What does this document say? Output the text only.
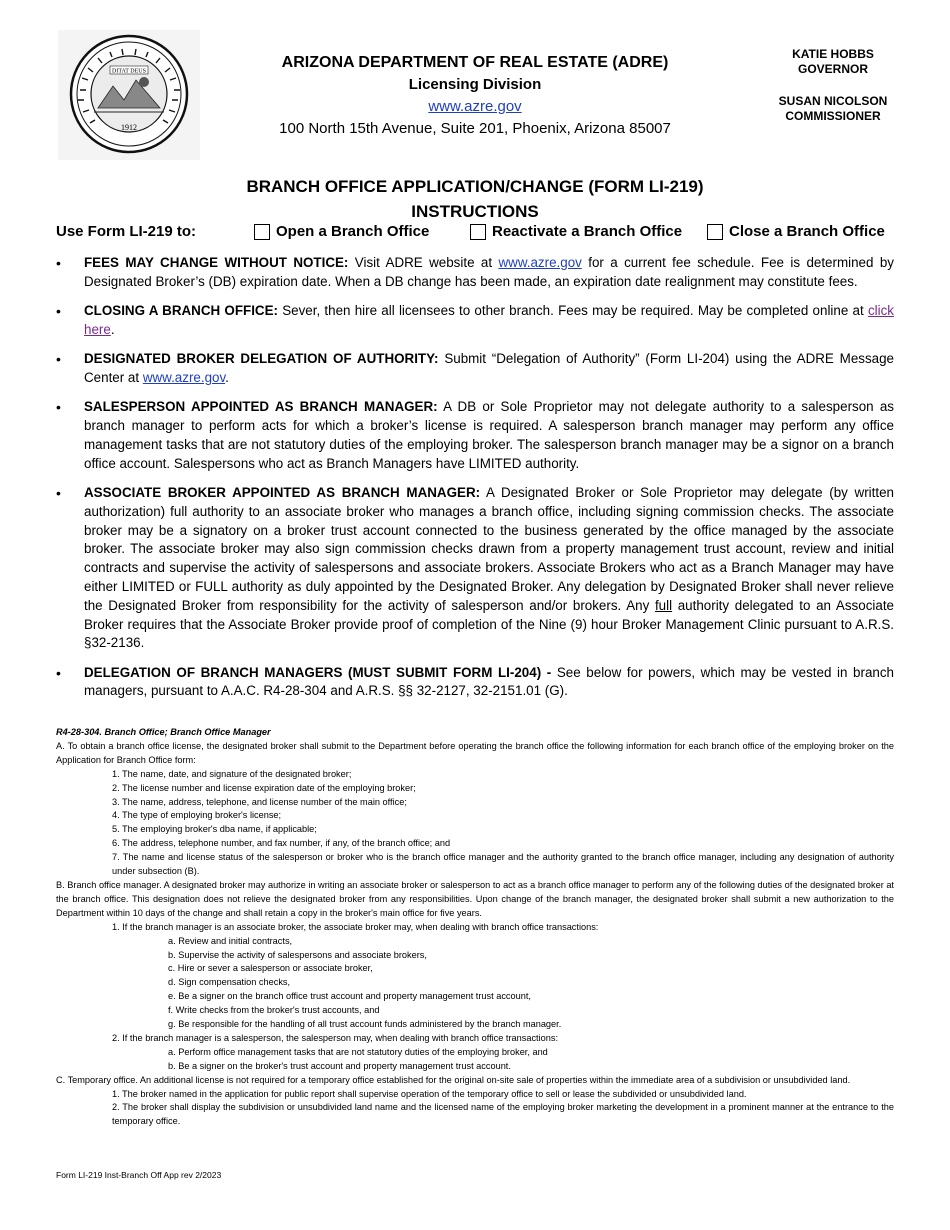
DITAT DEUS
1912
ARIZONA DEPARTMENT OF REAL ESTATE (ADRE)
Licensing Division
www.azre.gov
100 North 15th Avenue, Suite 201, Phoenix, Arizona 85007
KATIE HOBBS
GOVERNOR
SUSAN NICOLSON
COMMISSIONER
BRANCH OFFICE APPLICATION/CHANGE (FORM LI-219)
INSTRUCTIONS
Use Form LI-219 to:	Open a Branch Office	Reactivate a Branch Office	Close a Branch Office
• FEES MAY CHANGE WITHOUT NOTICE: Visit ADRE website at www.azre.gov for a current fee schedule. Fee is determined by Designated Broker’s (DB) expiration date. When a DB change has been made, an expiration date realignment may constitute fees.
• CLOSING A BRANCH OFFICE: Sever, then hire all licensees to other branch. Fees may be required. May be completed online at click here.
• DESIGNATED BROKER DELEGATION OF AUTHORITY: Submit “Delegation of Authority” (Form LI-204) using the ADRE Message Center at www.azre.gov.
• SALESPERSON APPOINTED AS BRANCH MANAGER: A DB or Sole Proprietor may not delegate authority to a salesperson as branch manager to perform acts for which a broker’s license is required. A salesperson branch manager may perform any office management tasks that are not statutory duties of the employing broker. The salesperson branch manager may be a signor on a branch office account. Salespersons who act as Branch Managers have LIMITED authority.
• ASSOCIATE BROKER APPOINTED AS BRANCH MANAGER: A Designated Broker or Sole Proprietor may delegate (by written authorization) full authority to an associate broker who manages a branch office, including signing commission checks. The associate broker may be a signatory on a broker trust account connected to the business generated by the office managed by the associate broker. The associate broker may also sign commission checks drawn from a property management trust account, review and initial contracts and supervise the activity of salespersons and associate brokers. Associate Brokers who act as a Branch Manager may have either LIMITED or FULL authority as duly appointed by the Designated Broker. Any delegation by Designated Broker shall never relieve the Designated Broker from responsibility for the activity of salesperson and/or brokers. Any full authority delegated to an Associate Broker requires that the Associate Broker provide proof of completion of the Nine (9) hour Broker Management Clinic pursuant to A.R.S. §32-2136.
• DELEGATION OF BRANCH MANAGERS (MUST SUBMIT FORM LI-204) - See below for powers, which may be vested in branch managers, pursuant to A.A.C. R4-28-304 and A.R.S. §§ 32-2127, 32-2151.01 (G).

R4-28-304. Branch Office; Branch Office Manager

A. To obtain a branch office license, the designated broker shall submit to the Department before operating the branch office the following information for each branch office of the employing broker on the Application for Branch Office form:

1. The name, date, and signature of the designated broker;

2. The license number and license expiration date of the employing broker;

3. The name, address, telephone, and license number of the main office;

4. The type of employing broker's license;

5. The employing broker's dba name, if applicable;

6. The address, telephone number, and fax number, if any, of the branch office; and

7. The name and license status of the salesperson or broker who is the branch office manager and the authority granted to the branch office manager, including any designation of authority under subsection (B).

B. Branch office manager. A designated broker may authorize in writing an associate broker or salesperson to act as a branch office manager to perform any of the following duties of the designated broker at the branch office. This designation does not relieve the designated broker from any responsibilities. Upon change of the branch manager, the designated broker shall submit a new authorization to the Department within 10 days of the change and shall retain a copy in the broker's main office for five years.

1. If the branch manager is an associate broker, the associate broker may, when dealing with branch office transactions:

a. Review and initial contracts,

b. Supervise the activity of salespersons and associate brokers,

c. Hire or sever a salesperson or associate broker,

d. Sign compensation checks,

e. Be a signer on the branch office trust account and property management trust account,

f. Write checks from the broker's trust accounts, and

g. Be responsible for the handling of all trust account funds administered by the branch manager.

2. If the branch manager is a salesperson, the salesperson may, when dealing with branch office transactions:

a. Perform office management tasks that are not statutory duties of the employing broker, and

b. Be a signer on the broker's trust account and property management trust account.

C. Temporary office. An additional license is not required for a temporary office established for the original on-site sale of properties within the immediate area of a subdivision or unsubdivided land.

1. The broker named in the application for public report shall supervise operation of the temporary office to sell or lease the subdivided or unsubdivided land.

2. The broker shall display the subdivision or unsubdivided land name and the licensed name of the employing broker marketing the development in a prominent manner at the entrance to the temporary office.

Form LI-219 Inst-Branch Off App rev 2/2023
